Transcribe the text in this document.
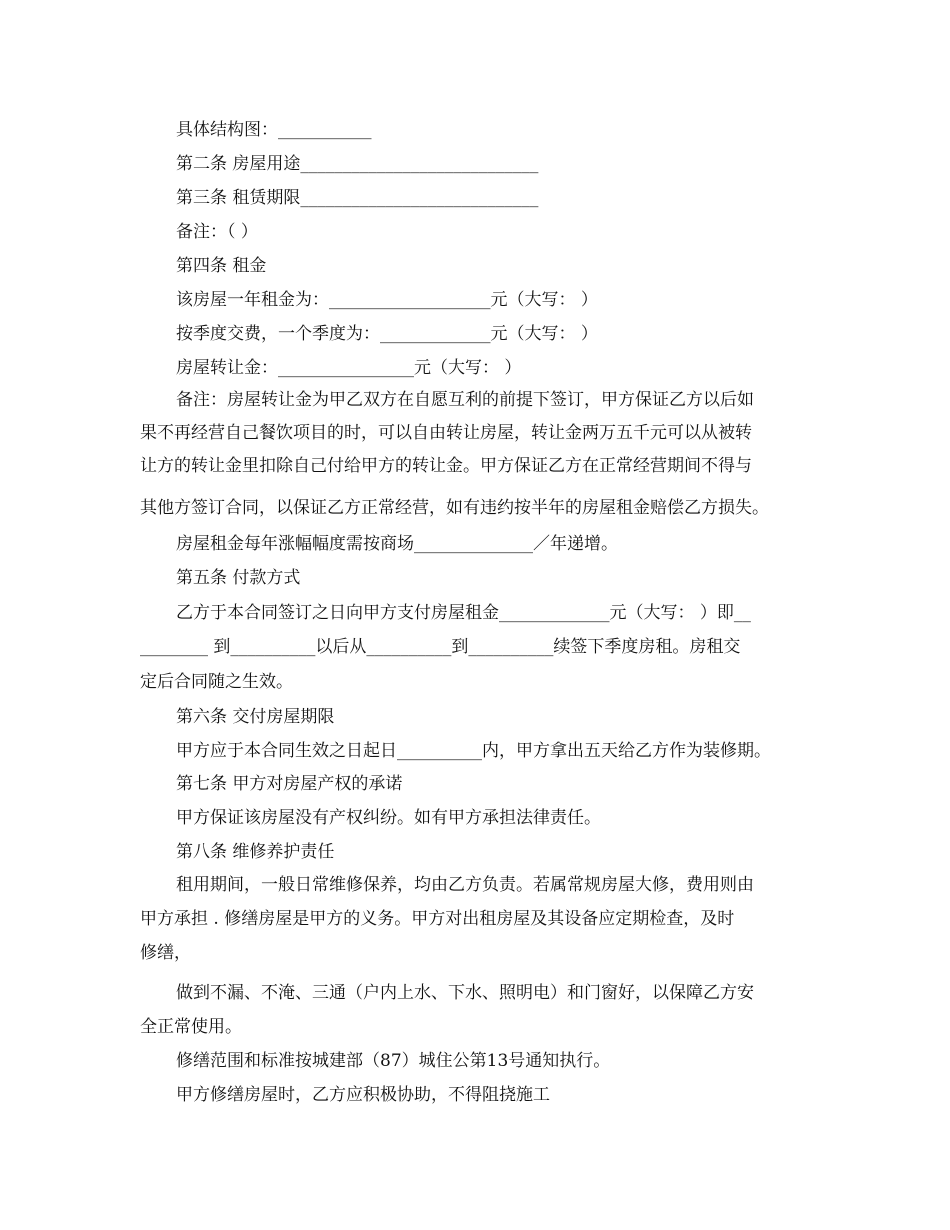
具体结构图：___________
第二条 房屋用途____________________________
第三条 租赁期限____________________________
备注：（ ）
第四条 租金
该房屋一年租金为：___________________元（大写： ）
按季度交费，一个季度为：_____________元（大写： ）
房屋转让金：________________元（大写： ）
备注：房屋转让金为甲乙双方在自愿互利的前提下签订，甲方保证乙方以后如
果不再经营自己餐饮项目的时，可以自由转让房屋，转让金两万五千元可以从被转
让方的转让金里扣除自己付给甲方的转让金。甲方保证乙方在正常经营期间不得与
其他方签订合同，以保证乙方正常经营，如有违约按半年的房屋租金赔偿乙方损失。
房屋租金每年涨幅幅度需按商场______________／年递增。
第五条 付款方式
乙方于本合同签订之日向甲方支付房屋租金_____________元（大写： ）即__
________ 到__________以后从__________到__________续签下季度房租。房租交
定后合同随之生效。
第六条 交付房屋期限
甲方应于本合同生效之日起日__________内，甲方拿出五天给乙方作为装修期。
第七条 甲方对房屋产权的承诺
甲方保证该房屋没有产权纠纷。如有甲方承担法律责任。
第八条 维修养护责任
租用期间，一般日常维修保养，均由乙方负责。若属常规房屋大修，费用则由
甲方承担 . 修缮房屋是甲方的义务。甲方对出租房屋及其设备应定期检查，及时
修缮，
做到不漏、不淹、三通（户内上水、下水、照明电）和门窗好，以保障乙方安
全正常使用。
修缮范围和标准按城建部（87）城住公第13号通知执行。
甲方修缮房屋时，乙方应积极协助，不得阻挠施工
